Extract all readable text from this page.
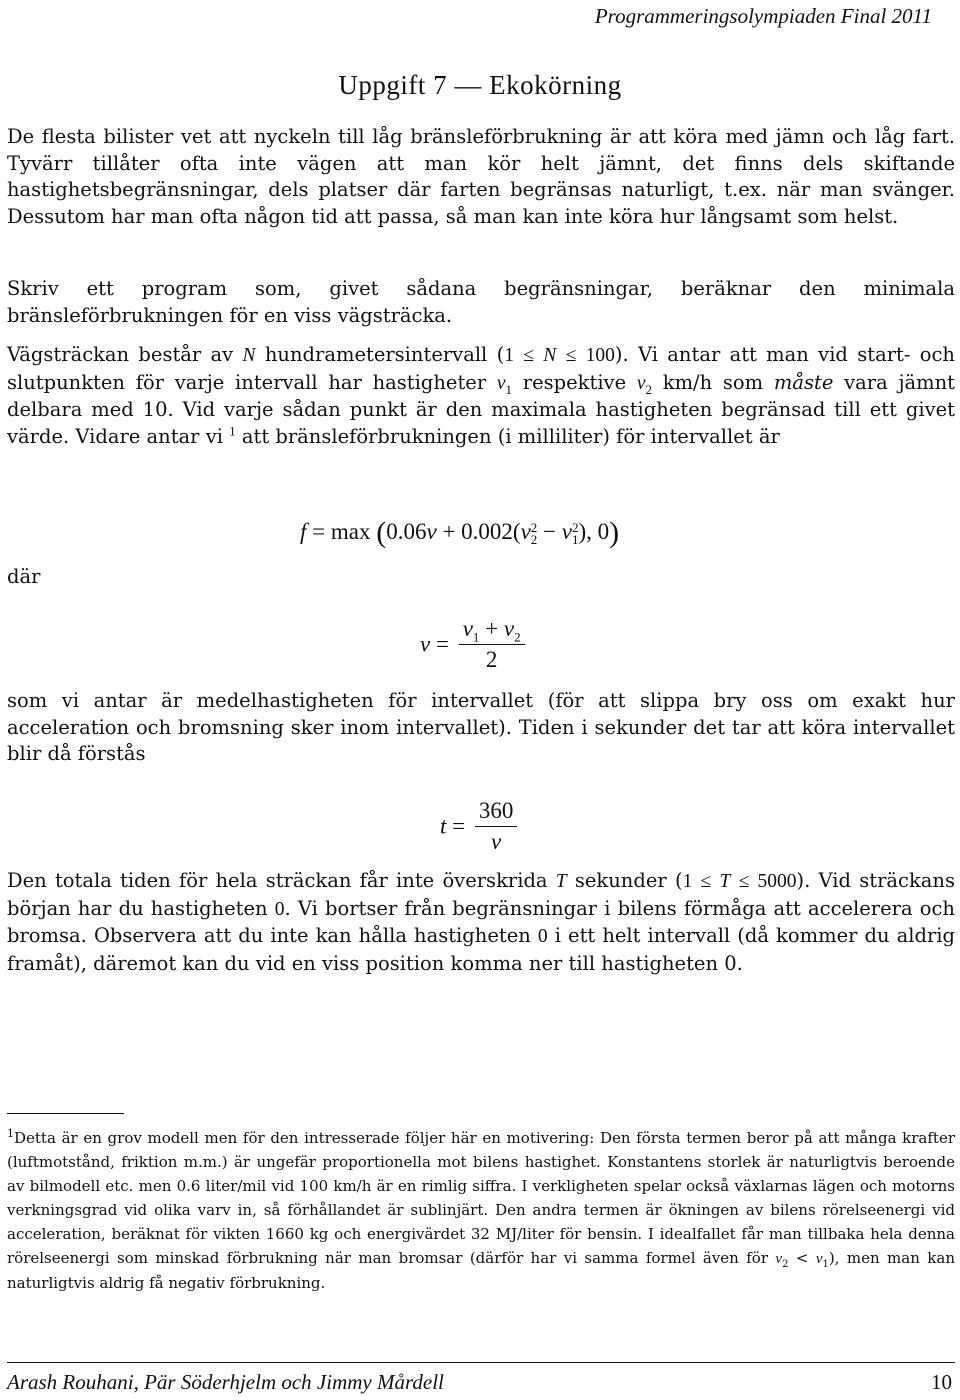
Programmeringsolympiaden Final 2011
Uppgift 7 — Ekokörning

De flesta bilister vet att nyckeln till låg bränsleförbrukning är att köra med jämn och låg fart. Tyvärr tillåter ofta inte vägen att man kör helt jämnt, det finns dels skiftande hastighetsbegränsningar, dels platser där farten begränsas naturligt, t.ex. när man svänger. Dessutom har man ofta någon tid att passa, så man kan inte köra hur långsamt som helst.

Skriv ett program som, givet sådana begränsningar, beräknar den minimala bränsleförbrukningen för en viss vägsträcka.

Vägsträckan består av N hundrametersintervall (1 ≤ N ≤ 100). Vi antar att man vid start- och slutpunkten för varje intervall har hastigheter $v_1$ respektive $v_2$ km/h som måste vara jämnt delbara med 10. Vid varje sådan punkt är den maximala hastigheten begränsad till ett givet värde. Vidare antar vi $^1$ att bränsleförbrukningen (i milliliter) för intervallet är

f = max (0.06v + 0.002(v 2
2 − v 2
1 ), 0)
där
$v = \frac{v_1 + v_2}{2}$

som vi antar är medelhastigheten för intervallet (för att slippa bry oss om exakt hur acceleration och bromsning sker inom intervallet). Tiden i sekunder det tar att köra intervallet blir då förstås

$t = \frac{360}{v}$

Den totala tiden för hela sträckan får inte överskrida T sekunder (1 ≤ T ≤ 5000). Vid sträckans början har du hastigheten 0. Vi bortser från begränsningar i bilens förmåga att accelerera och bromsa. Observera att du inte kan hålla hastigheten 0 i ett helt intervall (då kommer du aldrig framåt), däremot kan du vid en viss position komma ner till hastigheten 0.

$^1$Detta är en grov modell men för den intresserade följer här en motivering: Den första termen beror på att många krafter (luftmotstånd, friktion m.m.) är ungefär proportionella mot bilens hastighet. Konstantens storlek är naturligtvis beroende av bilmodell etc. men 0.6 liter/mil vid 100 km/h är en rimlig siffra. I verkligheten spelar också växlarnas lägen och motorns verkningsgrad vid olika varv in, så förhållandet är sublinjärt. Den andra termen är ökningen av bilens rörelseenergi vid acceleration, beräknat för vikten 1660 kg och energivärdet 32 MJ/liter för bensin. I idealfallet får man tillbaka hela denna rörelseenergi som minskad förbrukning när man bromsar (därför har vi samma formel även för $v_2 < v_1$), men man kan naturligtvis aldrig få negativ förbrukning.
Arash Rouhani, Pär Söderhjelm och Jimmy Mårdell	10
